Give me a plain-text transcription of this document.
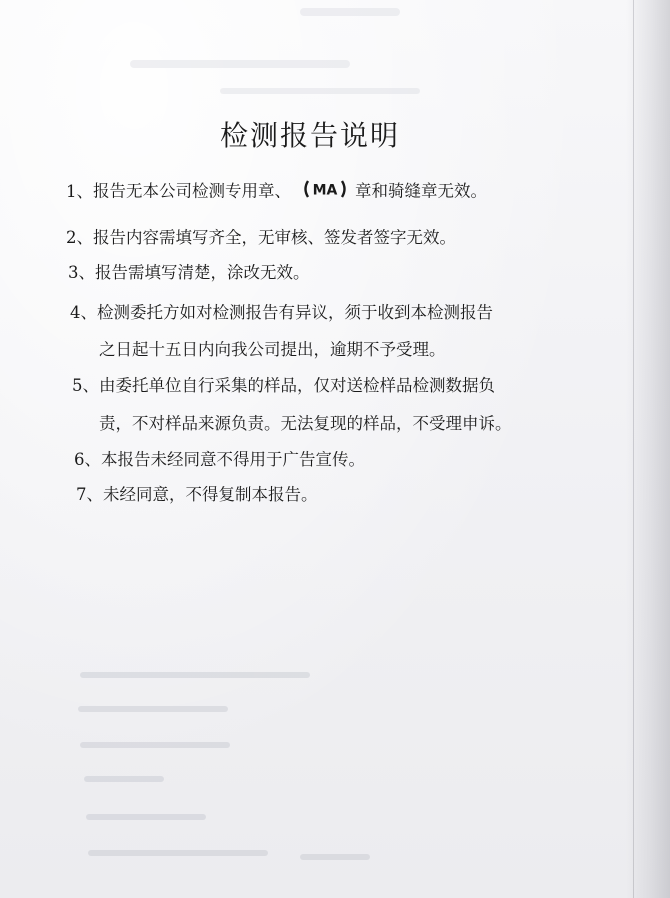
检测报告说明
1、报告无本公司检测专用章、 MA 章和骑缝章无效。
2、报告内容需填写齐全，无审核、签发者签字无效。
3、报告需填写清楚，涂改无效。
4、检测委托方如对检测报告有异议，须于收到本检测报告
之日起十五日内向我公司提出，逾期不予受理。
5、由委托单位自行采集的样品，仅对送检样品检测数据负
责，不对样品来源负责。无法复现的样品，不受理申诉。
6、本报告未经同意不得用于广告宣传。
7、未经同意，不得复制本报告。
